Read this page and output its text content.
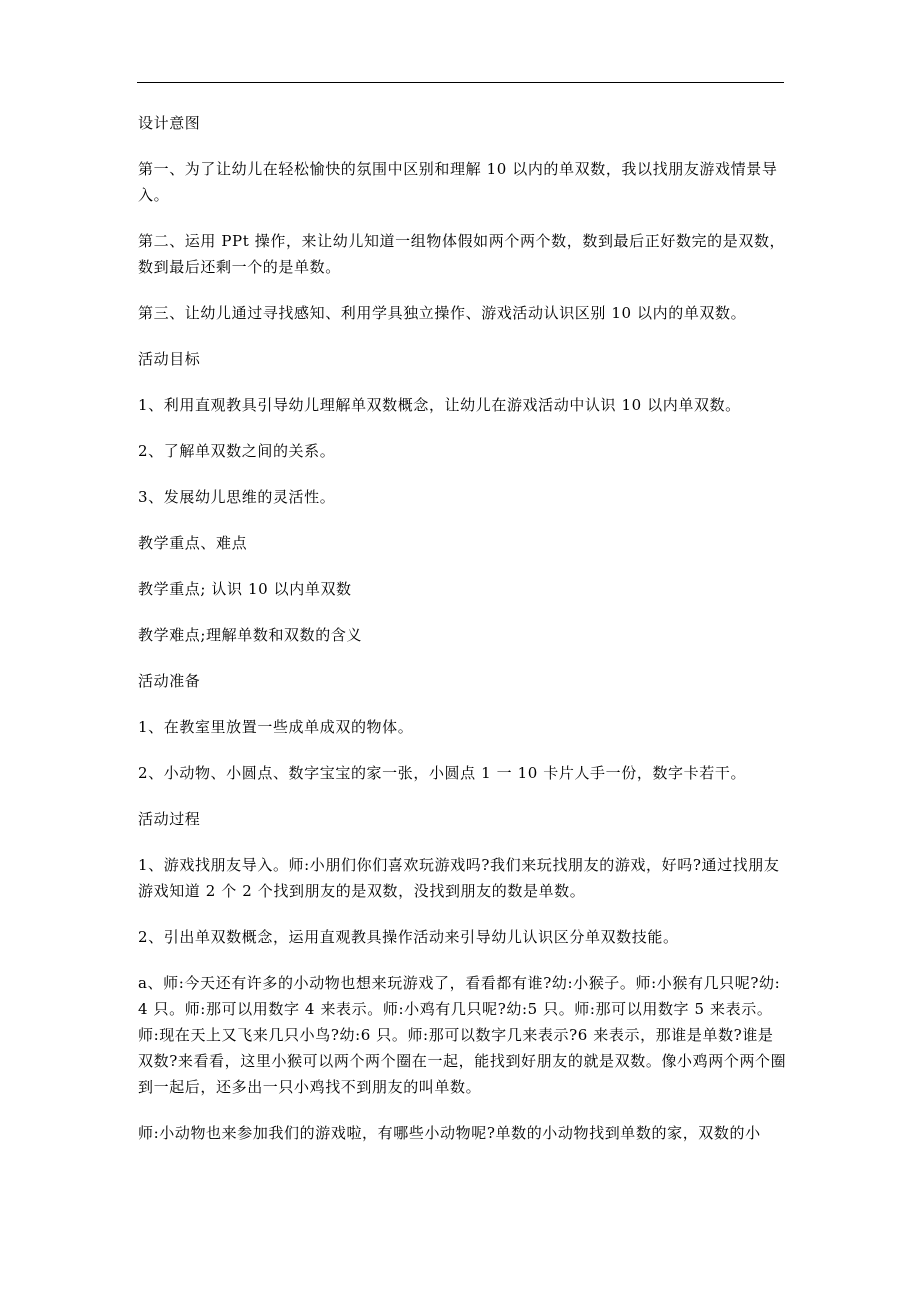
设计意图

第一、为了让幼儿在轻松愉快的氛围中区别和理解 10 以内的单双数，我以找朋友游戏情景导入。

第二、运用 PPt 操作，来让幼儿知道一组物体假如两个两个数，数到最后正好数完的是双数，数到最后还剩一个的是单数。

第三、让幼儿通过寻找感知、利用学具独立操作、游戏活动认识区别 10 以内的单双数。

活动目标

1、利用直观教具引导幼儿理解单双数概念，让幼儿在游戏活动中认识 10 以内单双数。

2、了解单双数之间的关系。

3、发展幼儿思维的灵活性。

教学重点、难点

教学重点; 认识 10 以内单双数

教学难点;理解单数和双数的含义

活动准备

1、在教室里放置一些成单成双的物体。

2、小动物、小圆点、数字宝宝的家一张，小圆点 1 一 10 卡片人手一份，数字卡若干。

活动过程

1、游戏找朋友导入。师:小朋们你们喜欢玩游戏吗?我们来玩找朋友的游戏，好吗?通过找朋友游戏知道 2 个 2 个找到朋友的是双数，没找到朋友的数是单数。

2、引出单双数概念，运用直观教具操作活动来引导幼儿认识区分单双数技能。

a、师:今天还有许多的小动物也想来玩游戏了，看看都有谁?幼:小猴子。师:小猴有几只呢?幼:4 只。师:那可以用数字 4 来表示。师:小鸡有几只呢?幼:5 只。师:那可以用数字 5 来表示。师:现在天上又飞来几只小鸟?幼:6 只。师:那可以数字几来表示?6 来表示，那谁是单数?谁是双数?来看看，这里小猴可以两个两个圈在一起，能找到好朋友的就是双数。像小鸡两个两个圈到一起后，还多出一只小鸡找不到朋友的叫单数。

师:小动物也来参加我们的游戏啦，有哪些小动物呢?单数的小动物找到单数的家，双数的小
